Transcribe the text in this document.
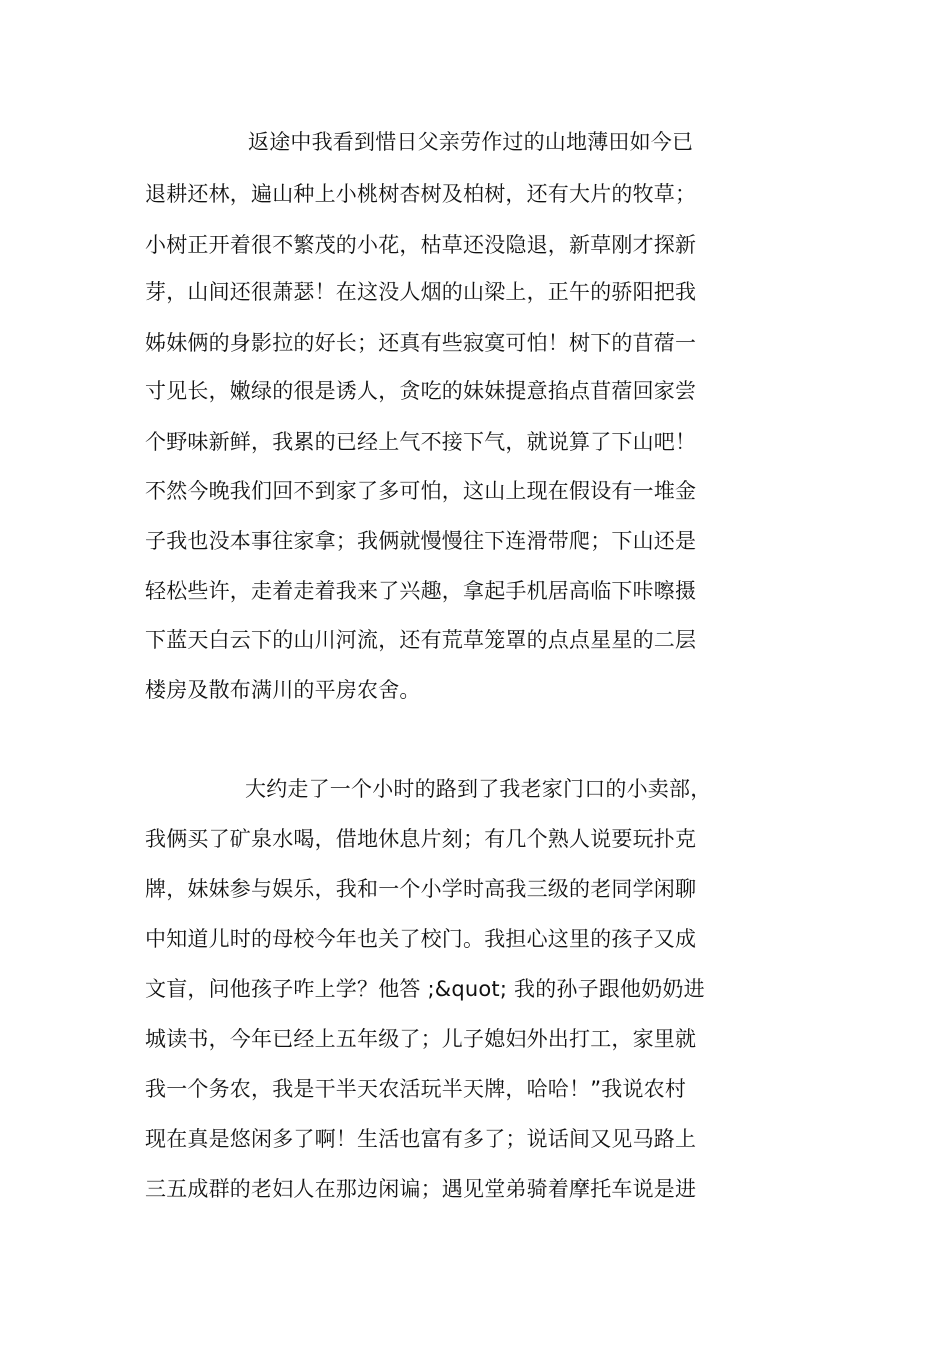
返途中我看到惜日父亲劳作过的山地薄田如今已
退耕还林，遍山种上小桃树杏树及柏树，还有大片的牧草；
小树正开着很不繁茂的小花，枯草还没隐退，新草刚才探新
芽，山间还很萧瑟！在这没人烟的山梁上，正午的骄阳把我
姊妹俩的身影拉的好长；还真有些寂寞可怕！树下的苜蓿一
寸见长，嫩绿的很是诱人，贪吃的妹妹提意掐点苜蓿回家尝
个野味新鲜，我累的已经上气不接下气，就说算了下山吧！
不然今晚我们回不到家了多可怕，这山上现在假设有一堆金
子我也没本事往家拿；我俩就慢慢往下连滑带爬；下山还是
轻松些许，走着走着我来了兴趣，拿起手机居高临下咔嚓摄
下蓝天白云下的山川河流，还有荒草笼罩的点点星星的二层
楼房及散布满川的平房农舍。
大约走了一个小时的路到了我老家门口的小卖部，
我俩买了矿泉水喝，借地休息片刻；有几个熟人说要玩扑克
牌，妹妹参与娱乐，我和一个小学时高我三级的老同学闲聊
中知道儿时的母校今年也关了校门。我担心这里的孩子又成
文盲，问他孩子咋上学？他答 ;&quot; 我的孙子跟他奶奶进
城读书，今年已经上五年级了；儿子媳妇外出打工，家里就
我一个务农，我是干半天农活玩半天牌，哈哈！”我说农村
现在真是悠闲多了啊！生活也富有多了；说话间又见马路上
三五成群的老妇人在那边闲谝；遇见堂弟骑着摩托车说是进
